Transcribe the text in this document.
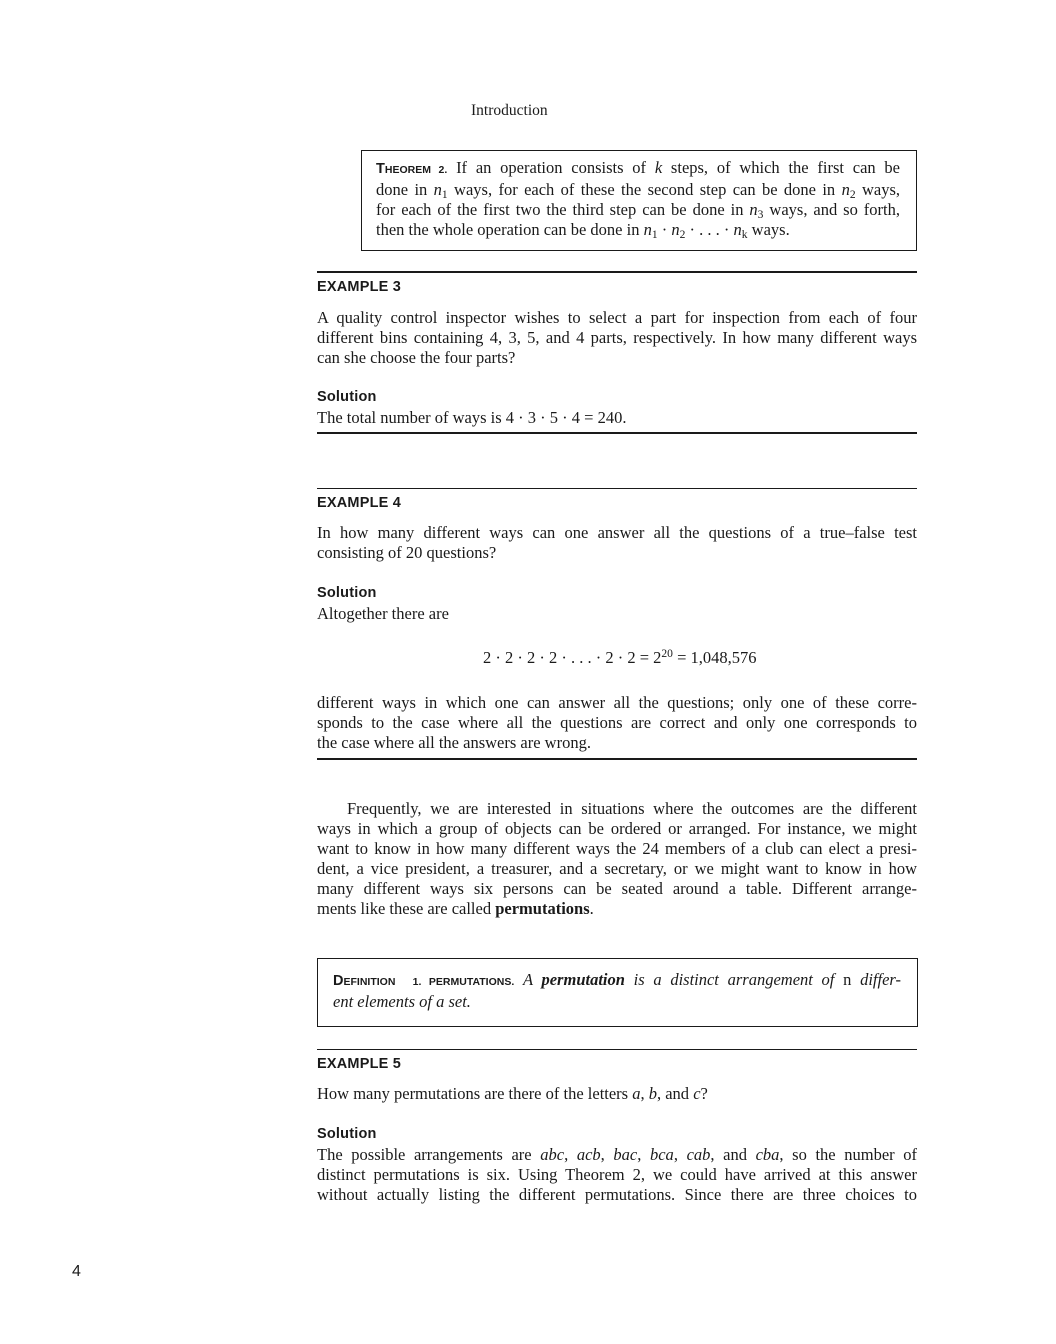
Introduction
THEOREM 2. If an operation consists of k steps, of which the first can be
done in $n_1$ ways, for each of these the second step can be done in $n_2$ ways,
for each of the first two the third step can be done in $n_3$ ways, and so forth,
then the whole operation can be done in $n_1 \cdot n_2$ · . . . · $n_k$ ways.
EXAMPLE 3
A quality control inspector wishes to select a part for inspection from each of four
different bins containing 4, 3, 5, and 4 parts, respectively. In how many different ways
can she choose the four parts?
Solution
The total number of ways is 4 · 3 · 5 · 4 = 240.
EXAMPLE 4
In how many different ways can one answer all the questions of a true–false test
consisting of 20 questions?
Solution
Altogether there are
2 · 2 · 2 · 2 · . . . · $2 \cdot 2 = 2^{20} = 1,048,576$
different ways in which one can answer all the questions; only one of these corre-
sponds to the case where all the questions are correct and only one corresponds to
the case where all the answers are wrong.
Frequently, we are interested in situations where the outcomes are the different
ways in which a group of objects can be ordered or arranged. For instance, we might
want to know in how many different ways the 24 members of a club can elect a presi-
dent, a vice president, a treasurer, and a secretary, or we might want to know in how
many different ways six persons can be seated around a table. Different arrange-
ments like these are called permutations.
DEFINITION 1. PERMUTATIONS. A permutation is a distinct arrangement of n differ-
ent elements of a set.
EXAMPLE 5
How many permutations are there of the letters a, b, and c?
Solution
The possible arrangements are abc, acb, bac, bca, cab, and cba, so the number of
distinct permutations is six. Using Theorem 2, we could have arrived at this answer
without actually listing the different permutations. Since there are three choices to
4
